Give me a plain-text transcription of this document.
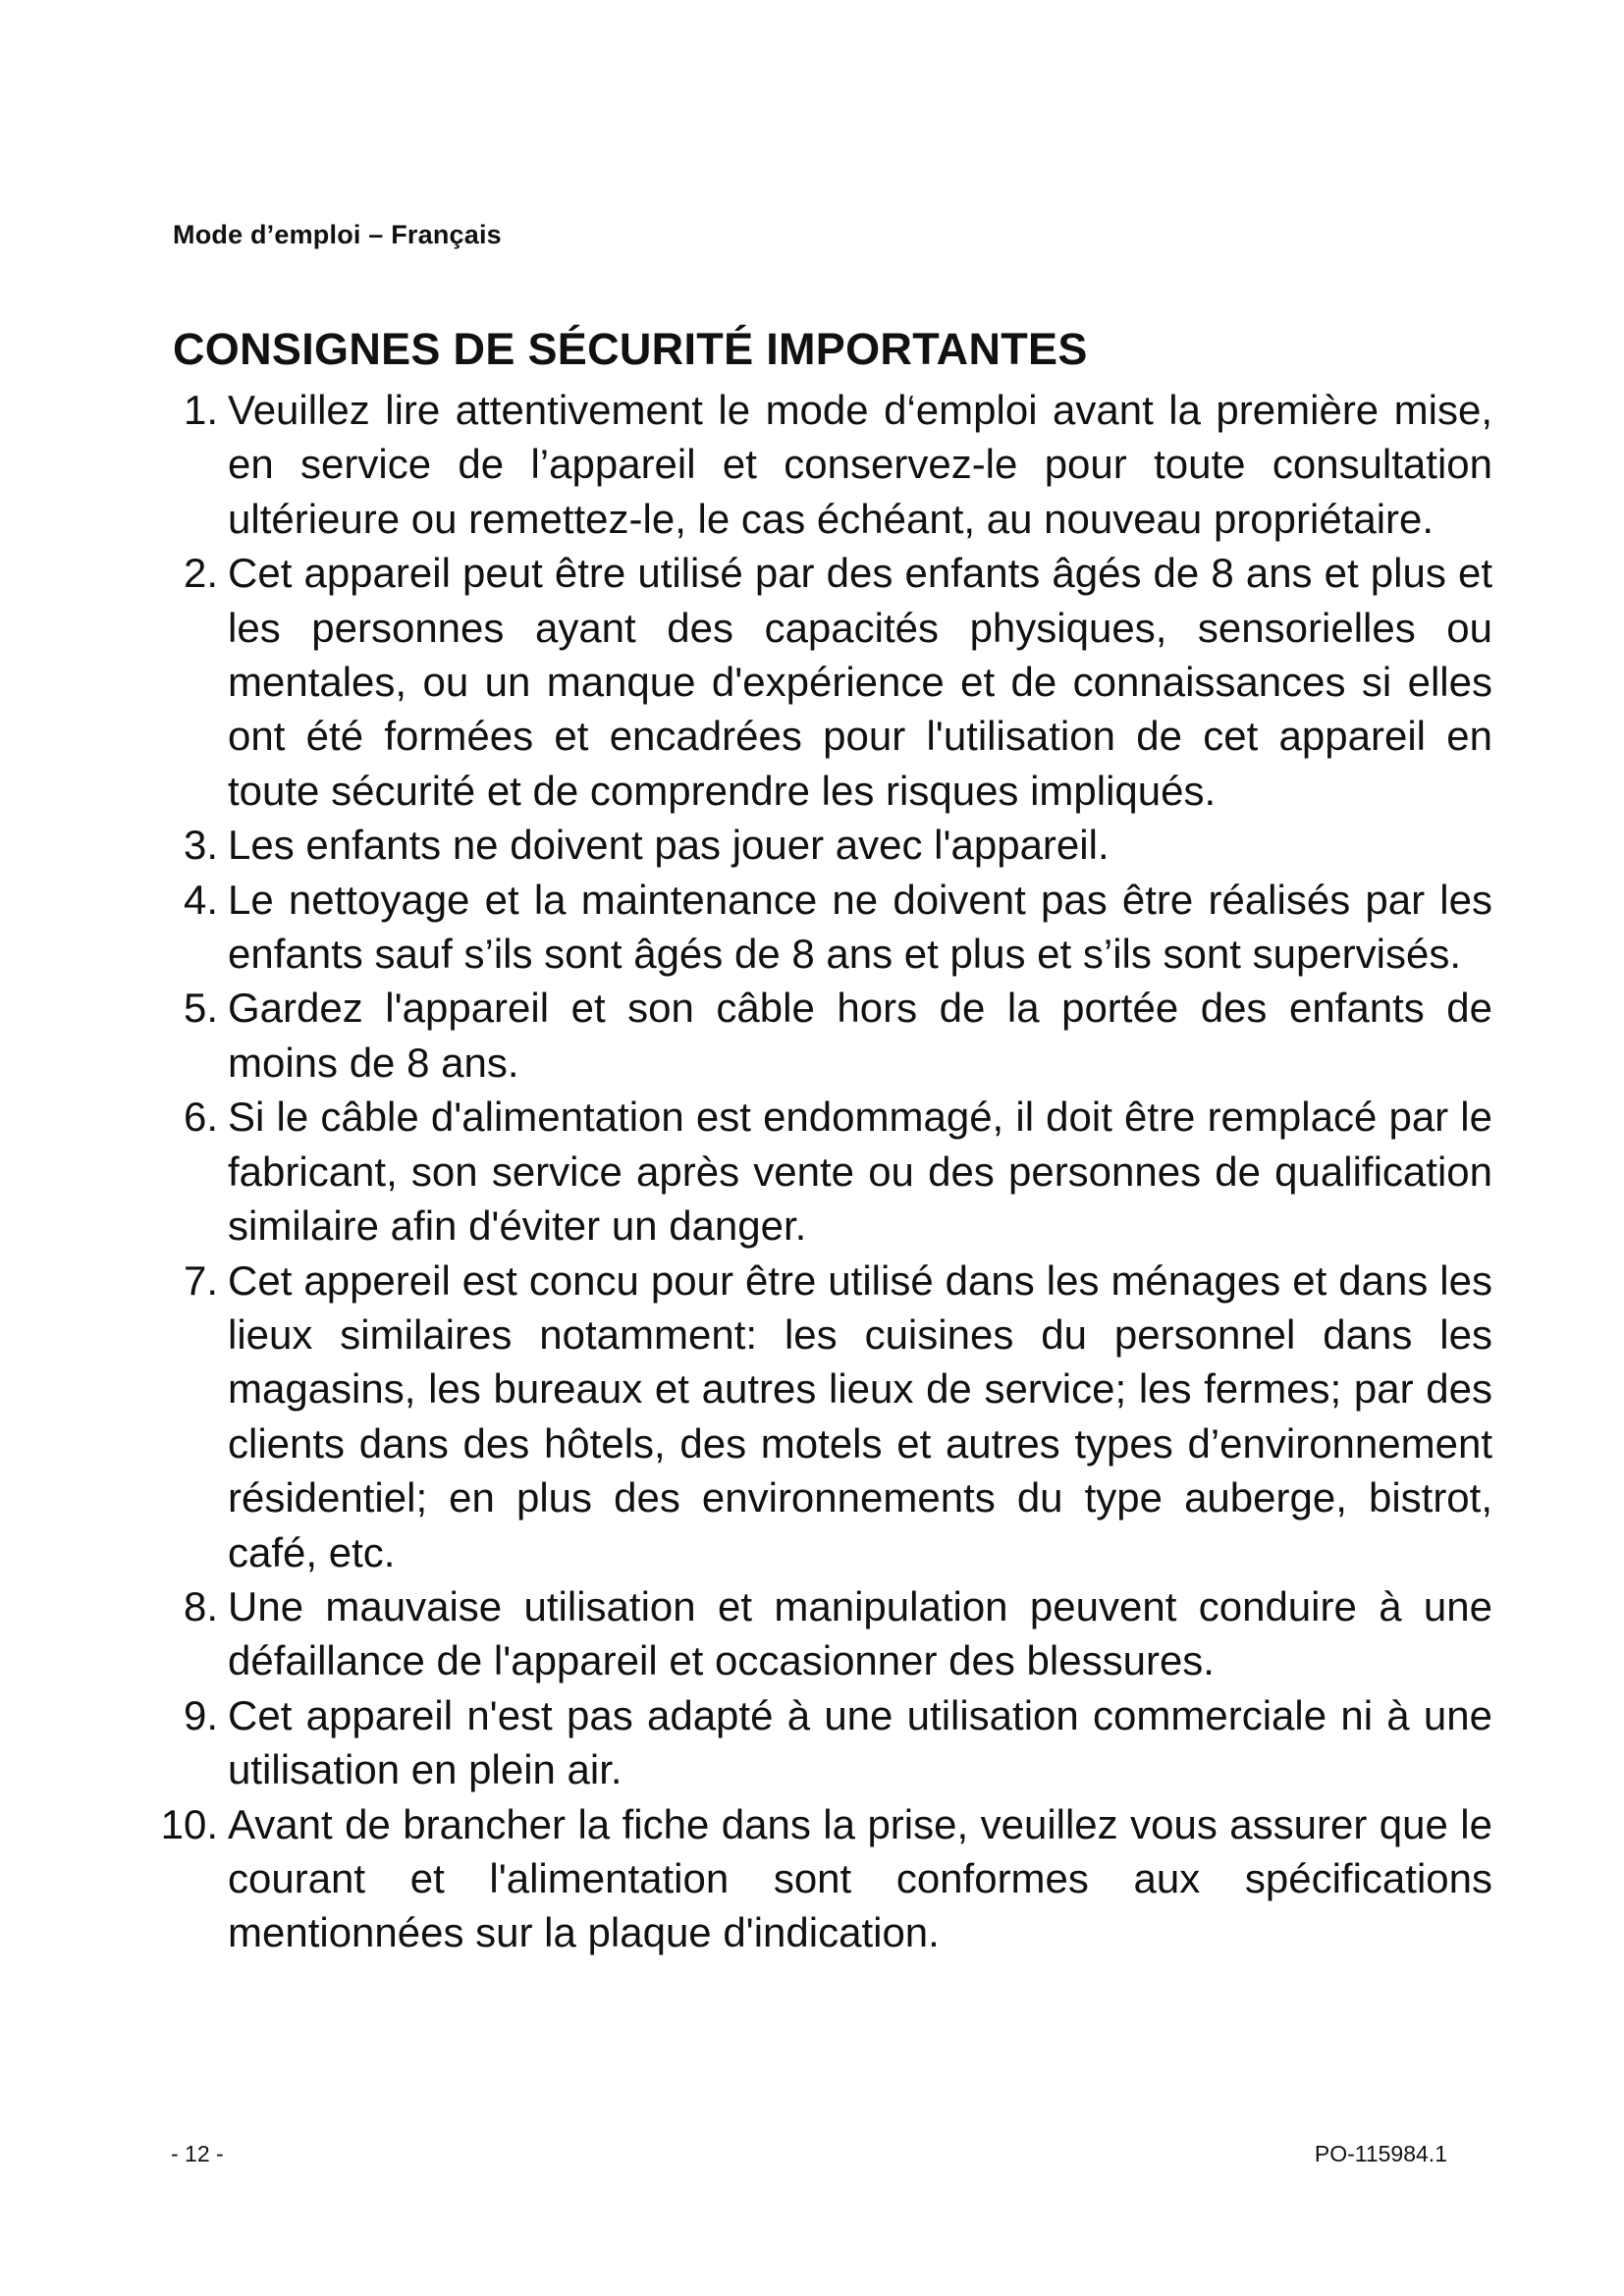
Mode d’emploi – Français
CONSIGNES DE SÉCURITÉ IMPORTANTES
1. Veuillez lire attentivement le mode d‘emploi avant la première mise, en service de l’appareil et conservez-le pour toute consultation ultérieure ou remettez-le, le cas échéant, au nouveau propriétaire.
2. Cet appareil peut être utilisé par des enfants âgés de 8 ans et plus et les personnes ayant des capacités physiques, sensorielles ou mentales, ou un manque d'expérience et de connaissances si elles ont été formées et encadrées pour l'utilisation de cet appareil en toute sécurité et de comprendre les risques impliqués.
3. Les enfants ne doivent pas jouer avec l'appareil.
4. Le nettoyage et la maintenance ne doivent pas être réalisés par les enfants sauf s’ils sont âgés de 8 ans et plus et s’ils sont supervisés.
5. Gardez l'appareil et son câble hors de la portée des enfants de moins de 8 ans.
6. Si le câble d'alimentation est endommagé, il doit être remplacé par le fabricant, son service après vente ou des personnes de qualification similaire afin d'éviter un danger.
7. Cet appereil est concu pour être utilisé dans les ménages et dans les lieux similaires notamment: les cuisines du personnel dans les magasins, les bureaux et autres lieux de service; les fermes; par des clients dans des hôtels, des motels et autres types d’environnement résidentiel; en plus des environnements du type auberge, bistrot, café, etc.
8. Une mauvaise utilisation et manipulation peuvent conduire à une défaillance de l'appareil et occasionner des blessures.
9. Cet appareil n'est pas adapté à une utilisation commerciale ni à une utilisation en plein air.
10. Avant de brancher la fiche dans la prise, veuillez vous assurer que le courant et l'alimentation sont conformes aux spécifications mentionnées sur la plaque d'indication.
- 12 -	PO-115984.1
